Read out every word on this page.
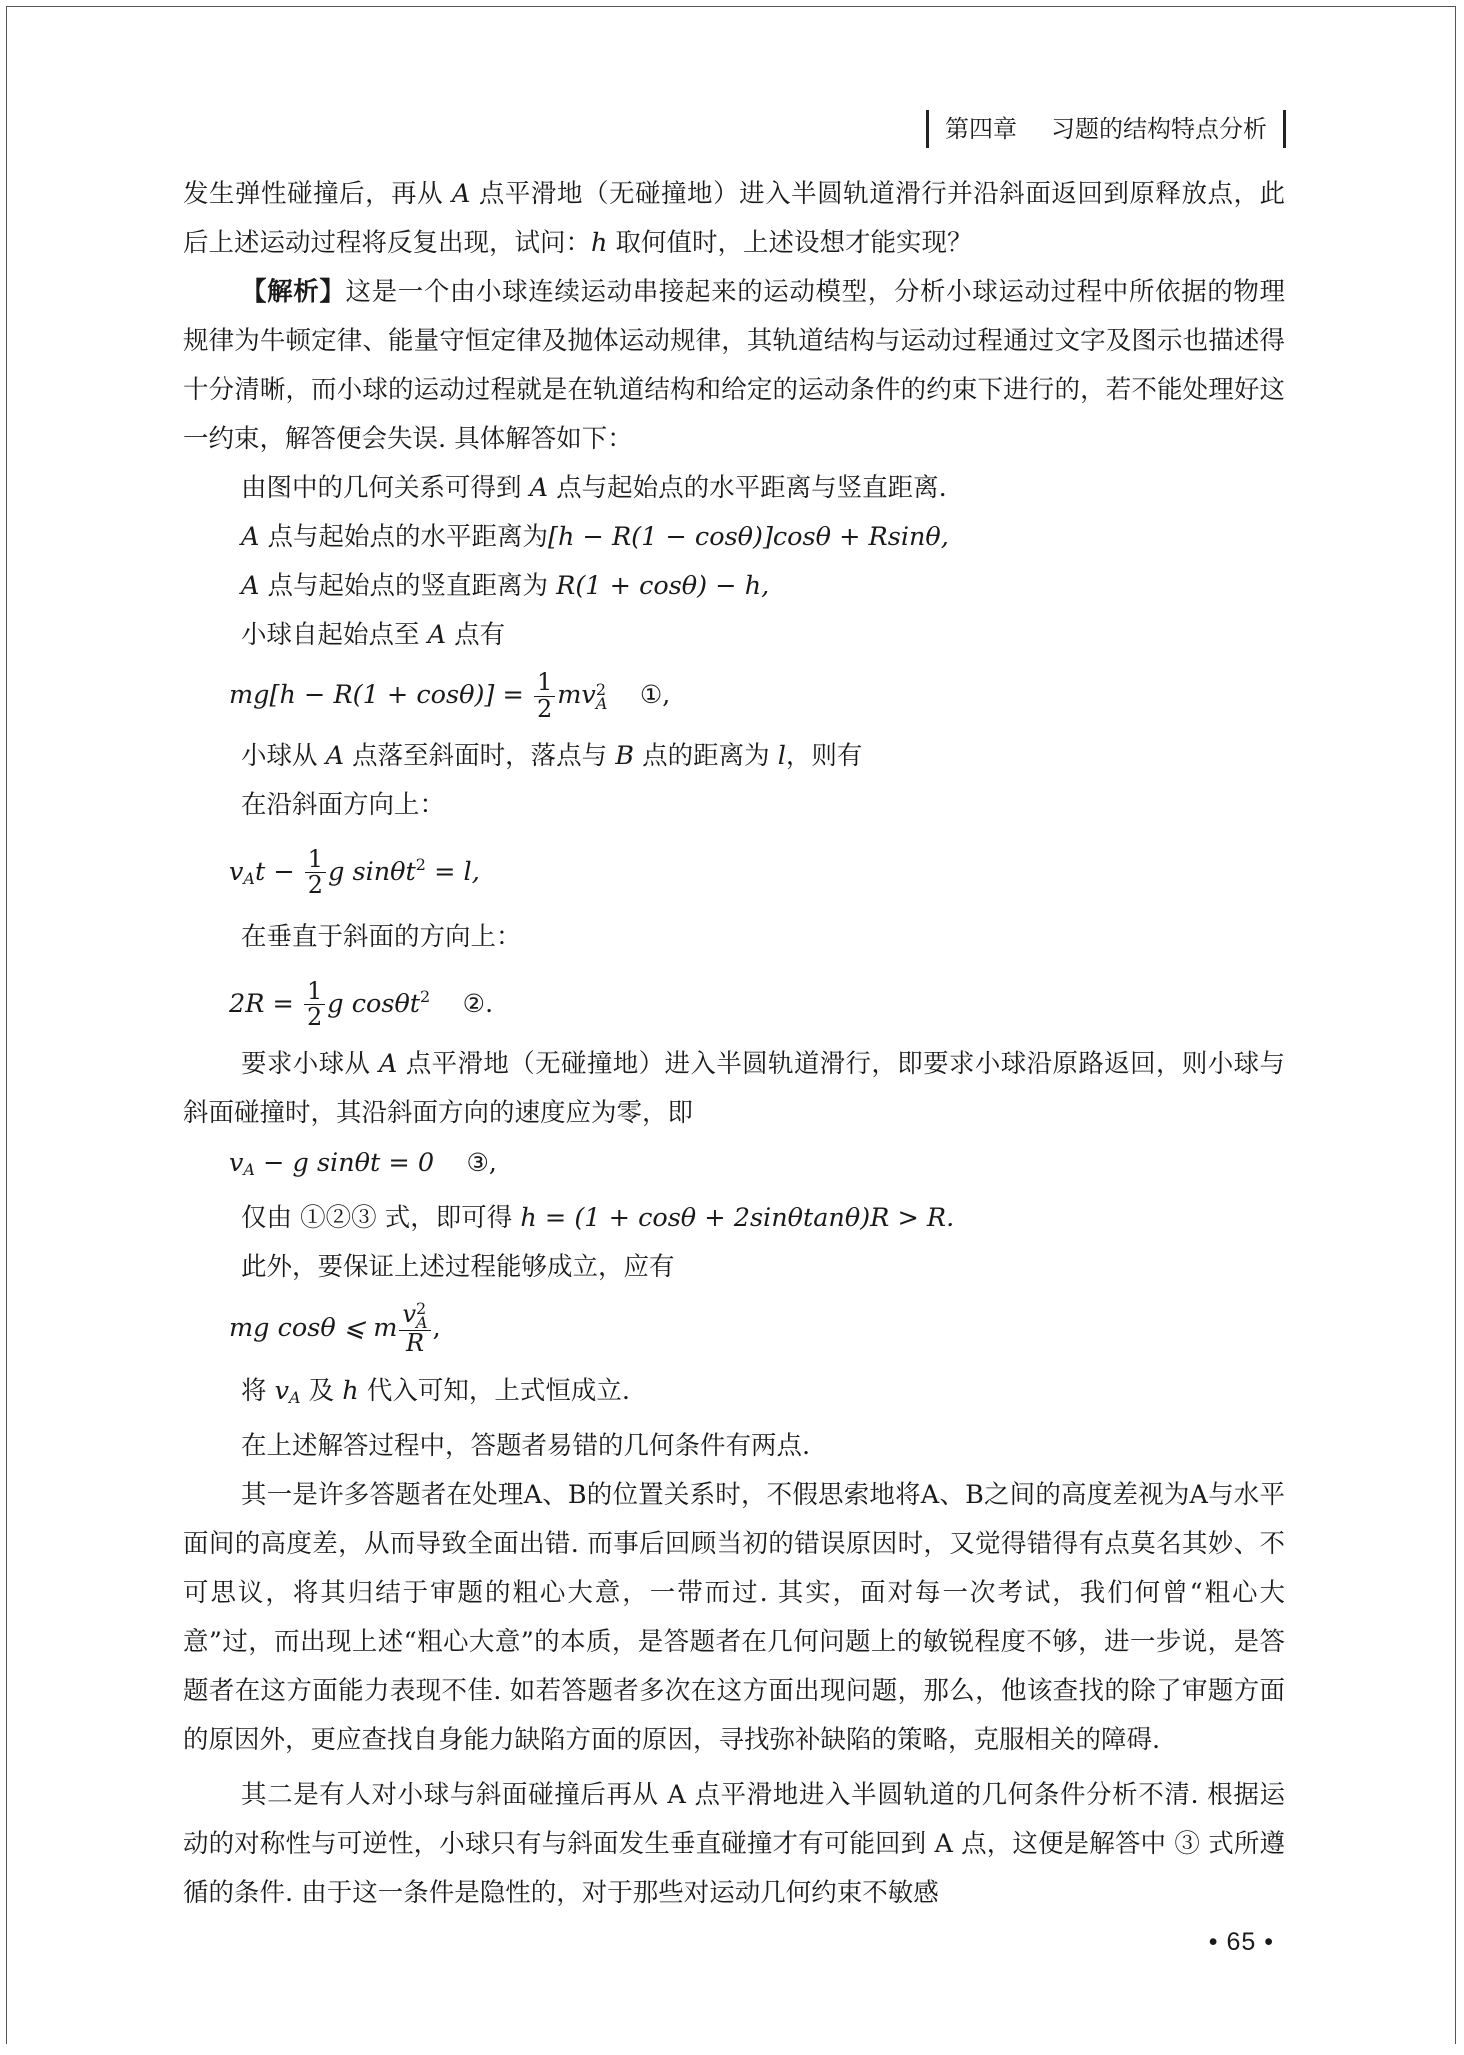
第四章 习题的结构特点分析

发生弹性碰撞后，再从 A 点平滑地（无碰撞地）进入半圆轨道滑行并沿斜面返回到原释放点，此后上述运动过程将反复出现，试问：h 取何值时，上述设想才能实现？

【解析】这是一个由小球连续运动串接起来的运动模型，分析小球运动过程中所依据的物理规律为牛顿定律、能量守恒定律及抛体运动规律，其轨道结构与运动过程通过文字及图示也描述得十分清晰，而小球的运动过程就是在轨道结构和给定的运动条件的约束下进行的，若不能处理好这一约束，解答便会失误. 具体解答如下：

由图中的几何关系可得到 A 点与起始点的水平距离与竖直距离.

A 点与起始点的水平距离为[h − R(1 − cosθ)]cosθ + Rsinθ,

A 点与起始点的竖直距离为 R(1 + cosθ) − h,

小球自起始点至 A 点有

$mg[h - R(1 + \cos\theta)] = \frac{1}{2} mv2$
A ①,

小球从 A 点落至斜面时，落点与 B 点的距离为 l，则有

在沿斜面方向上：

$v_At - \frac{1}{2}$ g sinθt$^2$ = l,

在垂直于斜面的方向上：

$2R = \frac{1}{2}$ g cosθt$^2$ ②.

要求小球从 A 点平滑地（无碰撞地）进入半圆轨道滑行，即要求小球沿原路返回，则小球与斜面碰撞时，其沿斜面方向的速度应为零，即

$v_A - g$ sinθt = 0 ③,

仅由 ①②③ 式，即可得 h = (1 + cosθ + 2sinθtanθ)R > R.

此外，要保证上述过程能够成立，应有

mg cosθ ⩽ m v2
A
R ,

将 $v_A$ 及 h 代入可知，上式恒成立.

在上述解答过程中，答题者易错的几何条件有两点.

其一是许多答题者在处理A、B的位置关系时，不假思索地将A、B之间的高度差视为A与水平面间的高度差，从而导致全面出错. 而事后回顾当初的错误原因时，又觉得错得有点莫名其妙、不可思议，将其归结于审题的粗心大意，一带而过. 其实，面对每一次考试，我们何曾“粗心大意”过，而出现上述“粗心大意”的本质，是答题者在几何问题上的敏锐程度不够，进一步说，是答题者在这方面能力表现不佳. 如若答题者多次在这方面出现问题，那么，他该查找的除了审题方面的原因外，更应查找自身能力缺陷方面的原因，寻找弥补缺陷的策略，克服相关的障碍.

其二是有人对小球与斜面碰撞后再从 A 点平滑地进入半圆轨道的几何条件分析不清. 根据运动的对称性与可逆性，小球只有与斜面发生垂直碰撞才有可能回到 A 点，这便是解答中 ③ 式所遵循的条件. 由于这一条件是隐性的，对于那些对运动几何约束不敏感

• 65 •
